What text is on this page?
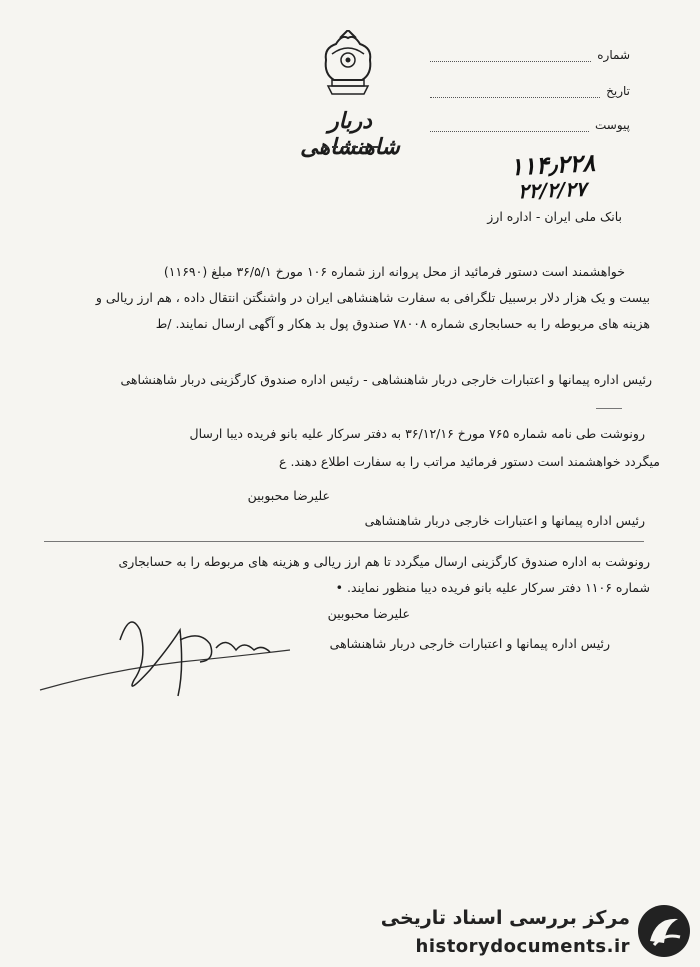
دربار شاهنشاهی
شماره
تاریخ
پیوست
۱۱۴٫۲۲۸
۲۲/۲/۲۷
بانک ملی ایران - اداره ارز
خواهشمند است دستور فرمائید از محل پروانه ارز شماره ۱۰۶ مورخ ۳۶/۵/۱ مبلغ (۱۱۶۹۰)
بیست و یک هزار دلار برسبیل تلگرافی به سفارت شاهنشاهی ایران در واشنگتن انتقال داده ، هم ارز ریالی و
هزینه های مربوطه را به حسابجاری شماره ۷۸۰۰۸ صندوق پول بد هکار و آگهی ارسال نمایند. /ط
رئیس اداره پیمانها و اعتبارات خارجی دربار شاهنشاهی - رئیس اداره صندوق کارگزینی دربار شاهنشاهی
رونوشت طی نامه شماره ۷۶۵ مورخ ۳۶/۱۲/۱۶ به دفتر سرکار علیه بانو فریده دیبا ارسال
میگردد خواهشمند است دستور فرمائید مراتب را به سفارت اطلاع دهند. ع
علیرضا محبوبین
رئیس اداره پیمانها و اعتبارات خارجی دربار شاهنشاهی
رونوشت به اداره صندوق کارگزینی ارسال میگردد تا هم ارز ریالی و هزینه های مربوطه را به حسابجاری
شماره ۱۱۰۶ دفتر سرکار علیه بانو فریده دیبا منظور نمایند. •
علیرضا محبوبین
رئیس اداره پیمانها و اعتبارات خارجی دربار شاهنشاهی
مرکز بررسی اسناد تاریخی
historydocuments.ir
